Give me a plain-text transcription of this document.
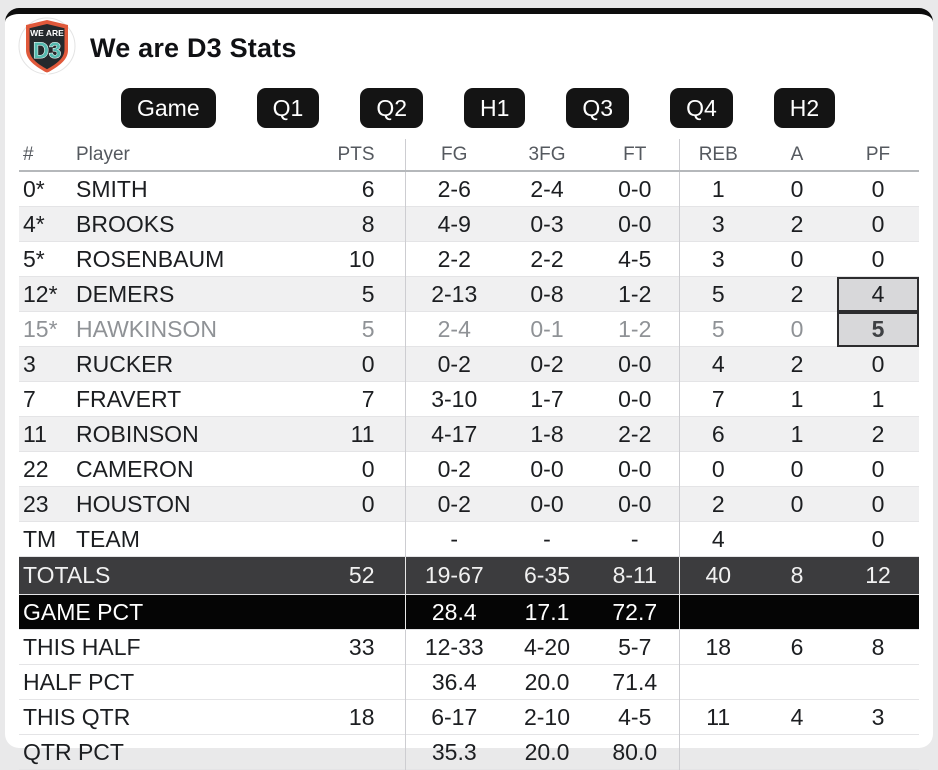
WE ARE
D3 We are D3 Stats
Game	Q1	Q2	H1	Q3	Q4	H2
#	Player	PTS	FG	3FG	FT	REB	A	PF
0*	SMITH	6	2-6	2-4	0-0	1	0	0
4*	BROOKS	8	4-9	0-3	0-0	3	2	0
5*	ROSENBAUM	10	2-2	2-2	4-5	3	0	0
12*	DEMERS	5	2-13	0-8	1-2	5	2	4
15*	HAWKINSON	5	2-4	0-1	1-2	5	0	5
3	RUCKER	0	0-2	0-2	0-0	4	2	0
7	FRAVERT	7	3-10	1-7	0-0	7	1	1
11	ROBINSON	11	4-17	1-8	2-2	6	1	2
22	CAMERON	0	0-2	0-0	0-0	0	0	0
23	HOUSTON	0	0-2	0-0	0-0	2	0	0
TM	TEAM		-	-	-	4		0
TOTALS		52	19-67	6-35	8-11	40	8	12
GAME PCT			28.4	17.1	72.7			
THIS HALF		33	12-33	4-20	5-7	18	6	8
HALF PCT			36.4	20.0	71.4			
THIS QTR		18	6-17	2-10	4-5	11	4	3
QTR PCT			35.3	20.0	80.0			
